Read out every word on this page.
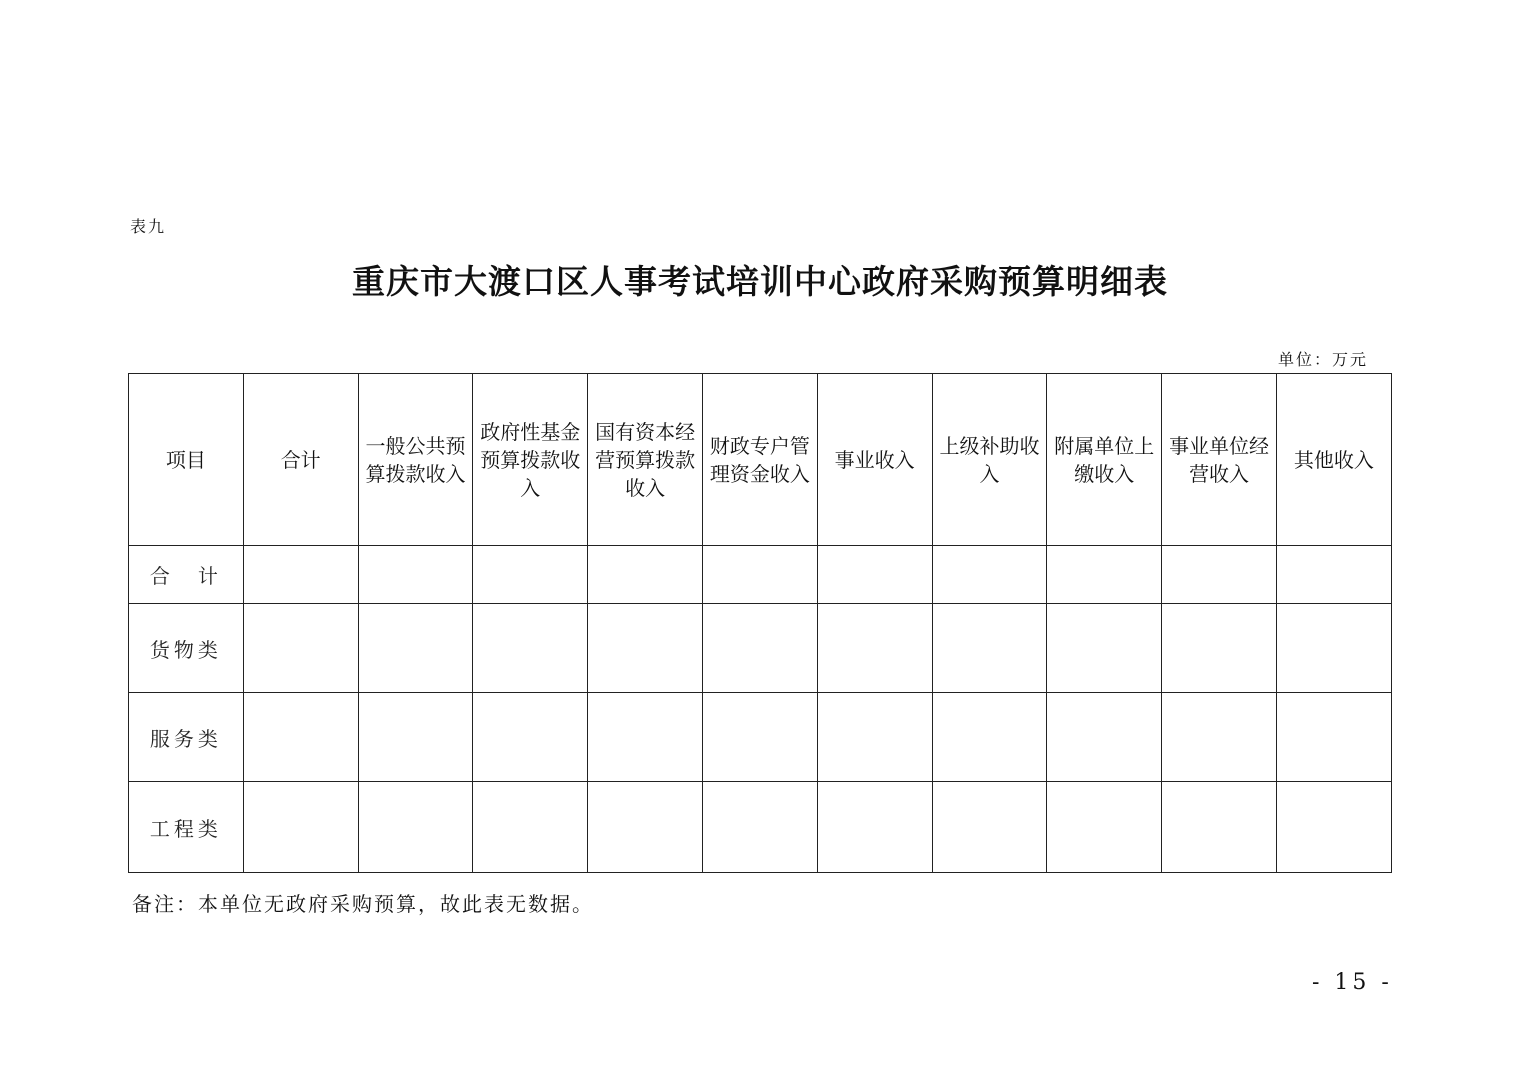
表九
重庆市大渡口区人事考试培训中心政府采购预算明细表
单位：万元
项目	合计	一般公共预算拨款收入	政府性基金预算拨款收入	国有资本经营预算拨款收入	财政专户管理资金收入	事业收入	上级补助收入	附属单位上缴收入	事业单位经营收入	其他收入
合　计										
货物类										
服务类										
工程类										
备注：本单位无政府采购预算，故此表无数据。
- 15 -
